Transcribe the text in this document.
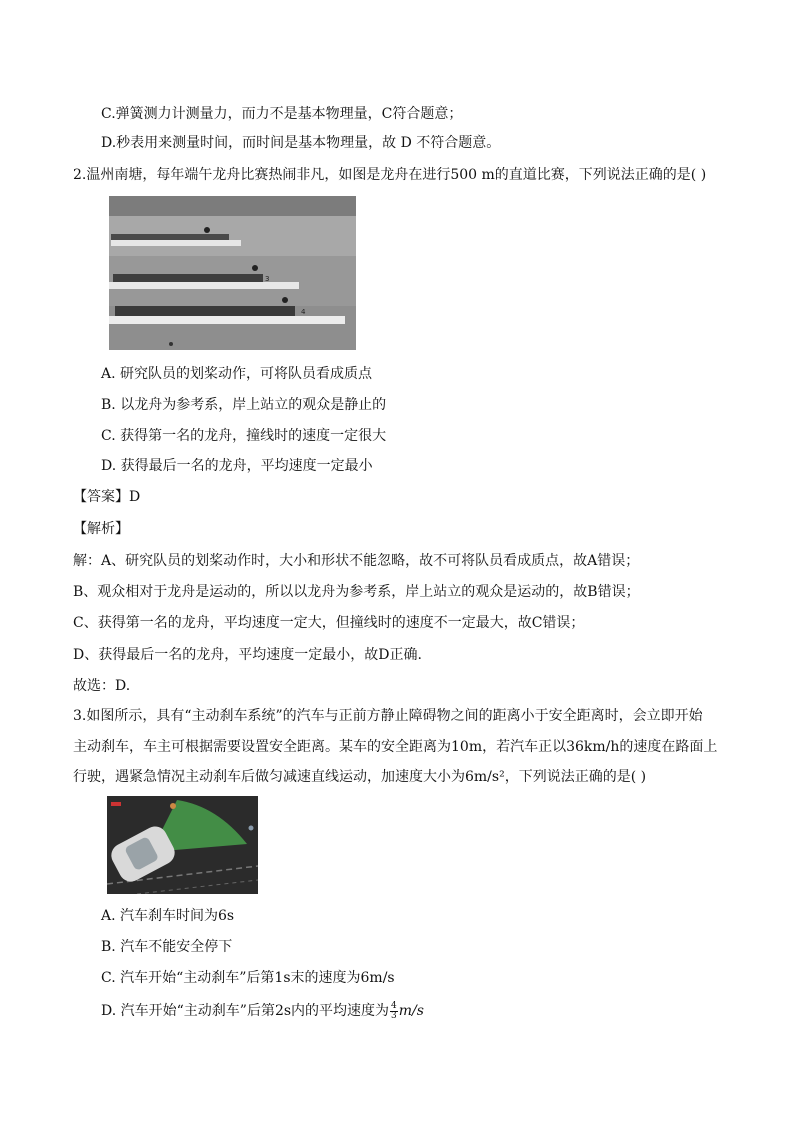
C.弹簧测力计测量力，而力不是基本物理量，C符合题意；
D.秒表用来测量时间，而时间是基本物理量，故 D 不符合题意。
2.温州南塘，每年端午龙舟比赛热闹非凡，如图是龙舟在进行500 m的直道比赛，下列说法正确的是( )
3
4
A. 研究队员的划桨动作，可将队员看成质点
B. 以龙舟为参考系，岸上站立的观众是静止的
C. 获得第一名的龙舟，撞线时的速度一定很大
D. 获得最后一名的龙舟，平均速度一定最小
【答案】D
【解析】
解：A、研究队员的划桨动作时，大小和形状不能忽略，故不可将队员看成质点，故A错误；
B、观众相对于龙舟是运动的，所以以龙舟为参考系，岸上站立的观众是运动的，故B错误；
C、获得第一名的龙舟，平均速度一定大，但撞线时的速度不一定最大，故C错误；
D、获得最后一名的龙舟，平均速度一定最小，故D正确.
故选：D.
3.如图所示，具有“主动刹车系统”的汽车与正前方静止障碍物之间的距离小于安全距离时，会立即开始
主动刹车，车主可根据需要设置安全距离。某车的安全距离为10m，若汽车正以36km/h的速度在路面上
行驶，遇紧急情况主动刹车后做匀减速直线运动，加速度大小为6m/s²，下列说法正确的是( )
A. 汽车刹车时间为6s
B. 汽车不能安全停下
C. 汽车开始“主动刹车”后第1s末的速度为6m/s
D. 汽车开始“主动刹车”后第2s内的平均速度为 $\frac{4}{3} m/s$
